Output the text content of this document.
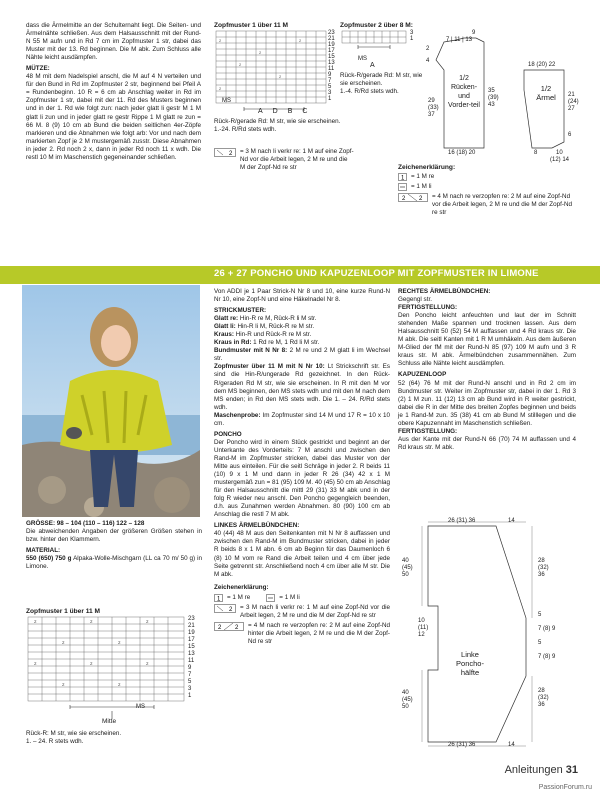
dass die Ärmelmitte an der Schulternaht liegt. Die Seiten- und Ärmelnähte schließen. Aus dem Halsausschnitt mit der Rund-N 55 M aufn und in Rd 7 cm im Zopfmuster 1 str, dabei das Muster mit der 13. Rd beginnen. Die M abk. Zum Schluss alle Nähte leicht ausdämpfen.

MÜTZE:

48 M mit dem Nadelspiel anschl, die M auf 4 N verteilen und für den Bund in Rd im Zopfmuster 2 str, beginnend bei Pfeil A = Rundenbeginn. 10 R = 6 cm ab Anschlag weiter in Rd im Zopfmuster 1 str, dabei mit der 11. Rd des Musters beginnen und in der 1. Rd wie folgt zun: nach jeder glatt li gestr M 1 M glatt li zun und in jeder glatt re gestr Rippe 1 M glatt re zun = 66 M. 8 (9) 10 cm ab Bund die beiden seitlichen 4er-Zöpfe markieren und die Abnahmen wie folgt arb: Vor und nach dem markierten Zopf je 2 M mustergemäß zusstr. Diese Abnahmen in jeder 2. Rd noch 2 x, dann in jeder Rd noch 11 x wdh. Die restl 10 M im Maschenstich gegeneinander schließen.

Zopfmuster 1 über 11 M
2
2
2
2
2
2
23
21
19
17
15
13
11
9
7
5
3
1
MS
A D B C
Rück-R/gerade Rd: M str, wie sie erscheinen.
1.-24. R/Rd stets wdh.
2 = 3 M nach li verkr re: 1 M auf eine Zopf-Nd vor die Arbeit legen, 2 M re und die M der Zopf-Nd re str
Zopfmuster 2 über 8 M:
3
1
MS
A
Rück-R/gerade Rd: M str, wie sie erscheinen.
1.-4. R/Rd stets wdh.
9
7 | 11 | 13
2
4
1/2 Rücken- und Vorder-teil
29
(33)
37
35
(39)
43
16 (18) 20
18 (20) 22
1/2 Ärmel	21
(24)
27
6
8	10
(12) 14
Zeichenerklärung:
1 = 1 M re
= 1 M li
2 2 = 4 M nach re verzopfen re: 2 M auf eine Zopf-Nd vor die Arbeit legen, 2 M re und die M der Zopf-Nd re str
26 + 27 PONCHO UND KAPUZENLOOP MIT ZOPFMUSTER IN LIMONE
GRÖSSE: 98 – 104 (110 – 116) 122 – 128

Die abweichenden Angaben der größeren Größen stehen in bzw. hinter den Klammern.

MATERIAL:

550 (650) 750 g Alpaka-Wolle-Mischgarn (LL ca 70 m/ 50 g) in Limone.

Zopfmuster 1 über 11 M
2	2	2
2	2
2	2	2
2	2
23
21
19
17
15
13
11
9
7
5
3
1
MS
Mitte
Rück-R: M str, wie sie erscheinen.
1. – 24. R stets wdh.

Von ADDI je 1 Paar Strick-N Nr 8 und 10, eine kurze Rund-N Nr 10, eine Zopf-N und eine Häkelnadel Nr 8.

STRICKMUSTER:

Glatt re: Hin-R re M, Rück-R li M str.

Glatt li: Hin-R li M, Rück-R re M str.

Kraus: Hin-R und Rück-R re M str.

Kraus in Rd: 1 Rd re M, 1 Rd li M str.

Bundmuster mit N Nr 8: 2 M re und 2 M glatt li im Wechsel str.

Zopfmuster über 11 M mit N Nr 10: Lt Strickschrift str. Es sind die Hin-R/ungerade Rd gezeichnet. In den Rück-R/geraden Rd M str, wie sie erscheinen. In R mit den M vor dem MS beginnen, den MS stets wdh und mit den M nach dem MS enden; in Rd den MS stets wdh. Die 1. – 24. R/Rd stets wdh.

Maschenprobe: Im Zopfmuster sind 14 M und 17 R = 10 x 10 cm.

PONCHO

Der Poncho wird in einem Stück gestrickt und beginnt an der Unterkante des Vorderteils: 7 M anschl und zwischen den Rand-M im Zopfmuster stricken, dabei das Muster von der Mitte aus einteilen. Für die seitl Schräge in jeder 2. R beids 11 (10) 9 x 1 M und dann in jeder R 26 (34) 42 x 1 M mustergemäß zun = 81 (95) 109 M. 40 (45) 50 cm ab Anschlag für den Halsausschnitt die mittl 29 (31) 33 M abk und in der folg R wieder neu anschl. Den Poncho gegengleich beenden, d.h. aus Zunahmen werden Abnahmen. 80 (90) 100 cm ab Anschlag die restl 7 M abk.

LINKES ÄRMELBÜNDCHEN:

40 (44) 48 M aus den Seitenkanten mit N Nr 8 auffassen und zwischen den Rand-M im Bundmuster stricken, dabei in jeder R beids 8 x 1 M abn. 6 cm ab Beginn für das Daumenloch 6 (8) 10 M vom re Rand die Arbeit teilen und 4 cm über jede Seite getrennt str. Anschließend noch 4 cm über alle M str. Die M abk.

Zeichenerklärung:
1 = 1 M re	= 1 M li
2 = 3 M nach li verkr re: 1 M auf eine Zopf-Nd vor die Arbeit legen, 2 M re und die M der Zopf-Nd re str
2 2 = 4 M nach re verzopfen re: 2 M auf eine Zopf-Nd hinter die Arbeit legen, 2 M re und die M der Zopf-Nd re str
RECHTES ÄRMELBÜNDCHEN:

Gegengl str.

FERTIGSTELLUNG:

Den Poncho leicht anfeuchten und laut der im Schnitt stehenden Maße spannen und trocknen lassen. Aus dem Halsausschnitt 50 (52) 54 M auffassen und 4 Rd kraus str. Die M abk. Die seitl Kanten mit 1 R M umhäkeln. Aus dem äußeren M-Glied der fM mit der Rund-N 85 (97) 109 M aufn und 3 R kraus str. M abk. Ärmelbündchen zusammennähen. Zum Schluss alle Nähte leicht ausdämpfen.

KAPUZENLOOP

52 (64) 76 M mit der Rund-N anschl und in Rd 2 cm im Bundmuster str. Weiter im Zopfmuster str, dabei in der 1. Rd 3 (2) 1 M zun. 11 (12) 13 cm ab Bund wird in R weiter gestrickt, dabei die R in der Mitte des breiten Zopfes beginnen und beids je 1 Rand-M zun. 35 (38) 41 cm ab Bund M stilllegen und die obere Kapuzennaht im Maschenstich schließen.

FERTIGSTELLUNG:

Aus der Kante mit der Rund-N 66 (70) 74 M auffassen und 4 Rd kraus str. M abk.

26 (31) 36	14
40
(45)
50
10
(11)
12
28
(32)
36
5
7 (8) 9
5
7 (8) 9
28
(32)
36
Linke Poncho-hälfte
40
(45)
50
26 (31) 36	14
Anleitungen 31
PassionForum.ru
